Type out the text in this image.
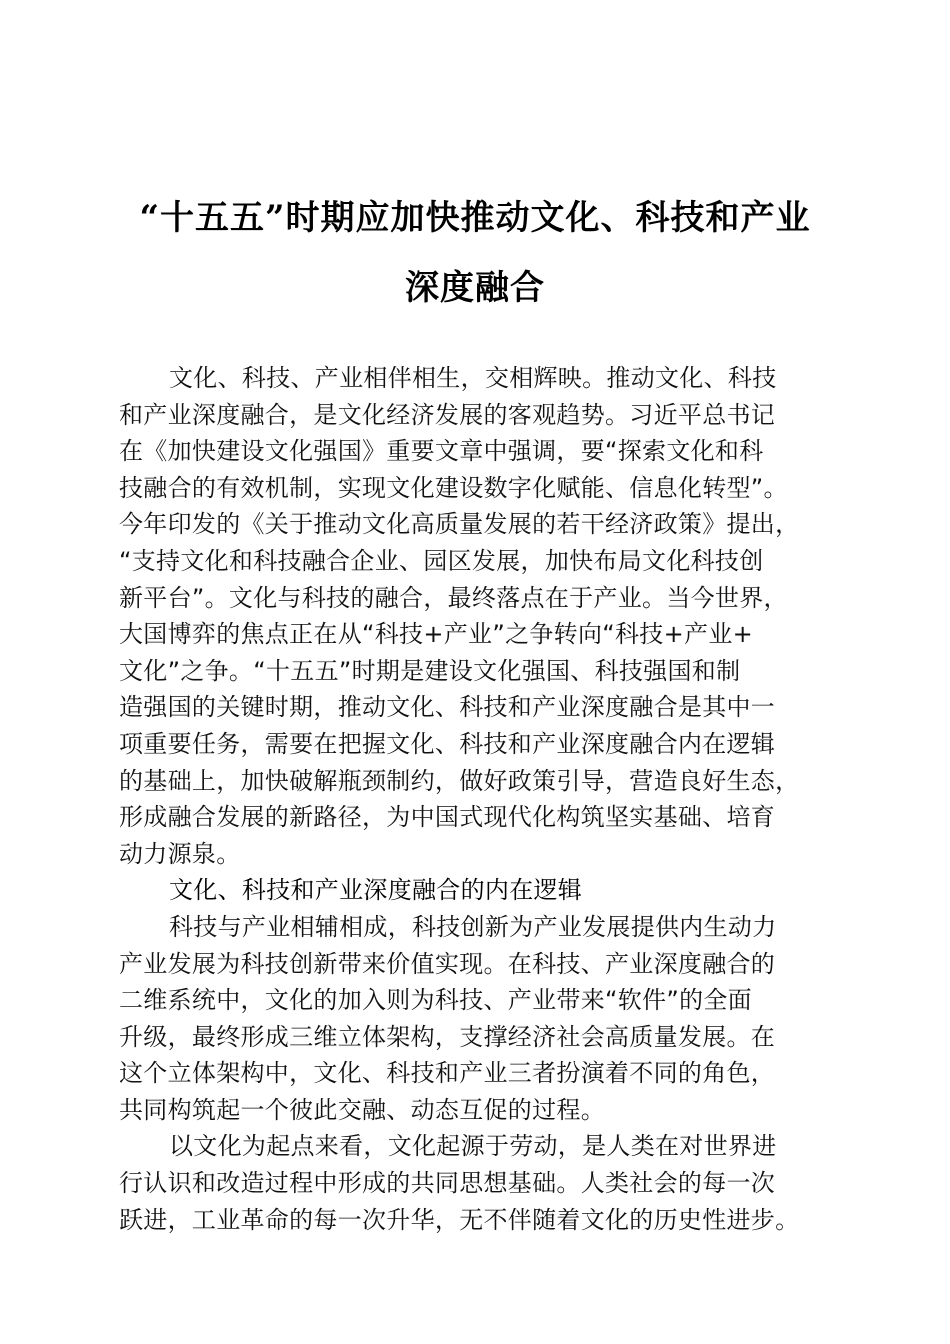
“十五五”时期应加快推动文化、科技和产业
深度融合
文化、科技、产业相伴相生，交相辉映。推动文化、科技
和产业深度融合，是文化经济发展的客观趋势。习近平总书记
在《加快建设文化强国》重要文章中强调，要“探索文化和科
技融合的有效机制，实现文化建设数字化赋能、信息化转型”。
今年印发的《关于推动文化高质量发展的若干经济政策》提出，
“支持文化和科技融合企业、园区发展，加快布局文化科技创
新平台”。文化与科技的融合，最终落点在于产业。当今世界，
大国博弈的焦点正在从“科技+产业”之争转向“科技+产业+
文化”之争。“十五五”时期是建设文化强国、科技强国和制
造强国的关键时期，推动文化、科技和产业深度融合是其中一
项重要任务，需要在把握文化、科技和产业深度融合内在逻辑
的基础上，加快破解瓶颈制约，做好政策引导，营造良好生态，
形成融合发展的新路径，为中国式现代化构筑坚实基础、培育
动力源泉。
文化、科技和产业深度融合的内在逻辑
科技与产业相辅相成，科技创新为产业发展提供内生动力
产业发展为科技创新带来价值实现。在科技、产业深度融合的
二维系统中，文化的加入则为科技、产业带来“软件”的全面
升级，最终形成三维立体架构，支撑经济社会高质量发展。在
这个立体架构中，文化、科技和产业三者扮演着不同的角色，
共同构筑起一个彼此交融、动态互促的过程。
以文化为起点来看，文化起源于劳动，是人类在对世界进
行认识和改造过程中形成的共同思想基础。人类社会的每一次
跃进，工业革命的每一次升华，无不伴随着文化的历史性进步。
